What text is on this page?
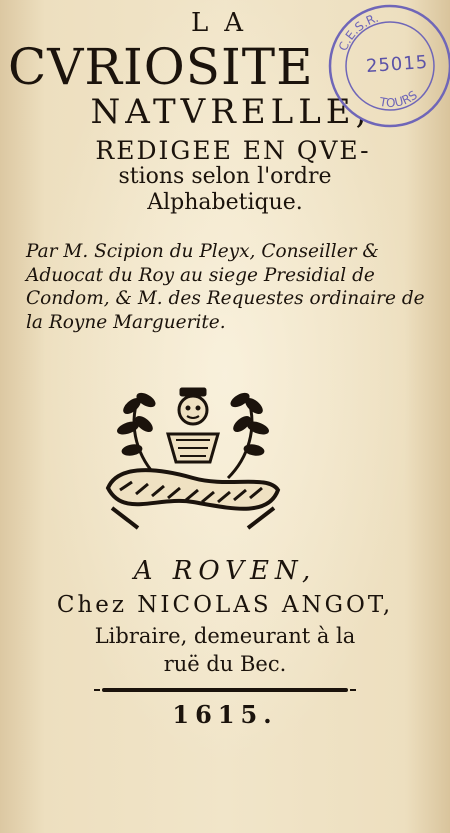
LA
CVRIOSITE
NATVRELLE,
REDIGEE EN QVE-
stions selon l'ordre
Alphabetique.
Par M. Scipion du Pleyx, Conseiller &
Aduocat du Roy au siege Presidial de
Condom, & M. des Requestes ordinaire de
la Royne Marguerite.
A ROVEN,
Chez NICOLAS ANGOT,
Libraire, demeurant à la
ruë du Bec.
1615.
C.E.S.R.
TOURS
25015
